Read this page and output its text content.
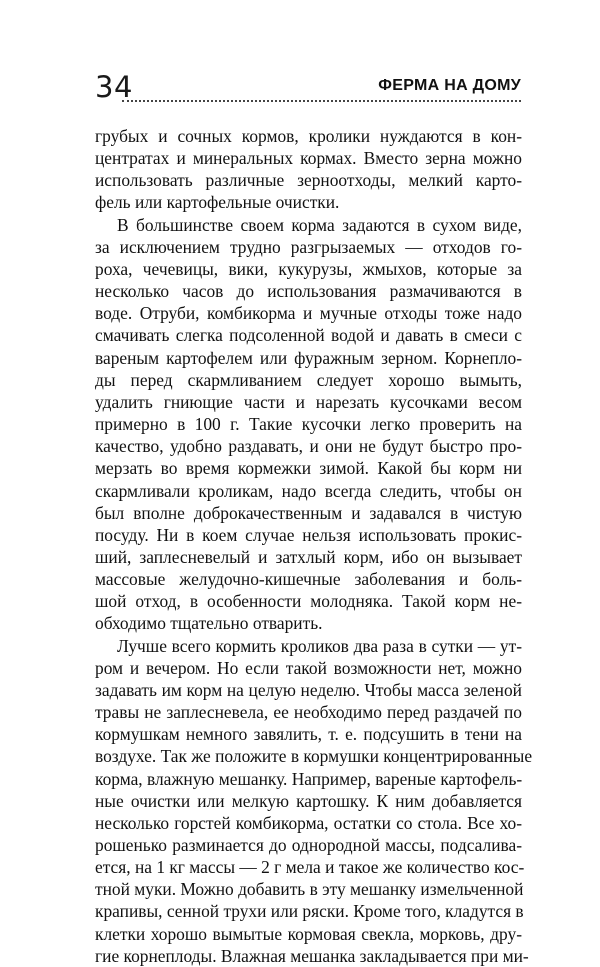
34	ФЕРМА НА ДОМУ

грубых и сочных кормов, кролики нуждаются в кон-
центратах и минеральных кормах. Вместо зерна можно
использовать различные зерноотходы, мелкий карто-
фель или картофельные очистки.

В большинстве своем корма задаются в сухом виде,
за исключением трудно разгрызаемых — отходов го-
роха, чечевицы, вики, кукурузы, жмыхов, которые за
несколько часов до использования размачиваются в
воде. Отруби, комбикорма и мучные отходы тоже надо
смачивать слегка подсоленной водой и давать в смеси с
вареным картофелем или фуражным зерном. Корнепло-
ды перед скармливанием следует хорошо вымыть,
удалить гниющие части и нарезать кусочками весом
примерно в 100 г. Такие кусочки легко проверить на
качество, удобно раздавать, и они не будут быстро про-
мерзать во время кормежки зимой. Какой бы корм ни
скармливали кроликам, надо всегда следить, чтобы он
был вполне доброкачественным и задавался в чистую
посуду. Ни в коем случае нельзя использовать прокис-
ший, заплесневелый и затхлый корм, ибо он вызывает
массовые желудочно-кишечные заболевания и боль-
шой отход, в особенности молодняка. Такой корм не-
обходимо тщательно отварить.

Лучше всего кормить кроликов два раза в сутки — ут-
ром и вечером. Но если такой возможности нет, можно
задавать им корм на целую неделю. Чтобы масса зеленой
травы не заплесневела, ее необходимо перед раздачей по
кормушкам немного завялить, т. е. подсушить в тени на
воздухе. Так же положите в кормушки концентрированные
корма, влажную мешанку. Например, вареные картофель-
ные очистки или мелкую картошку. К ним добавляется
несколько горстей комбикорма, остатки со стола. Все хо-
рошенько разминается до однородной массы, подсалива-
ется, на 1 кг массы — 2 г мела и такое же количество кос-
тной муки. Можно добавить в эту мешанку измельченной
крапивы, сенной трухи или ряски. Кроме того, кладутся в
клетки хорошо вымытые кормовая свекла, морковь, дру-
гие корнеплоды. Влажная мешанка закладывается при ми-
